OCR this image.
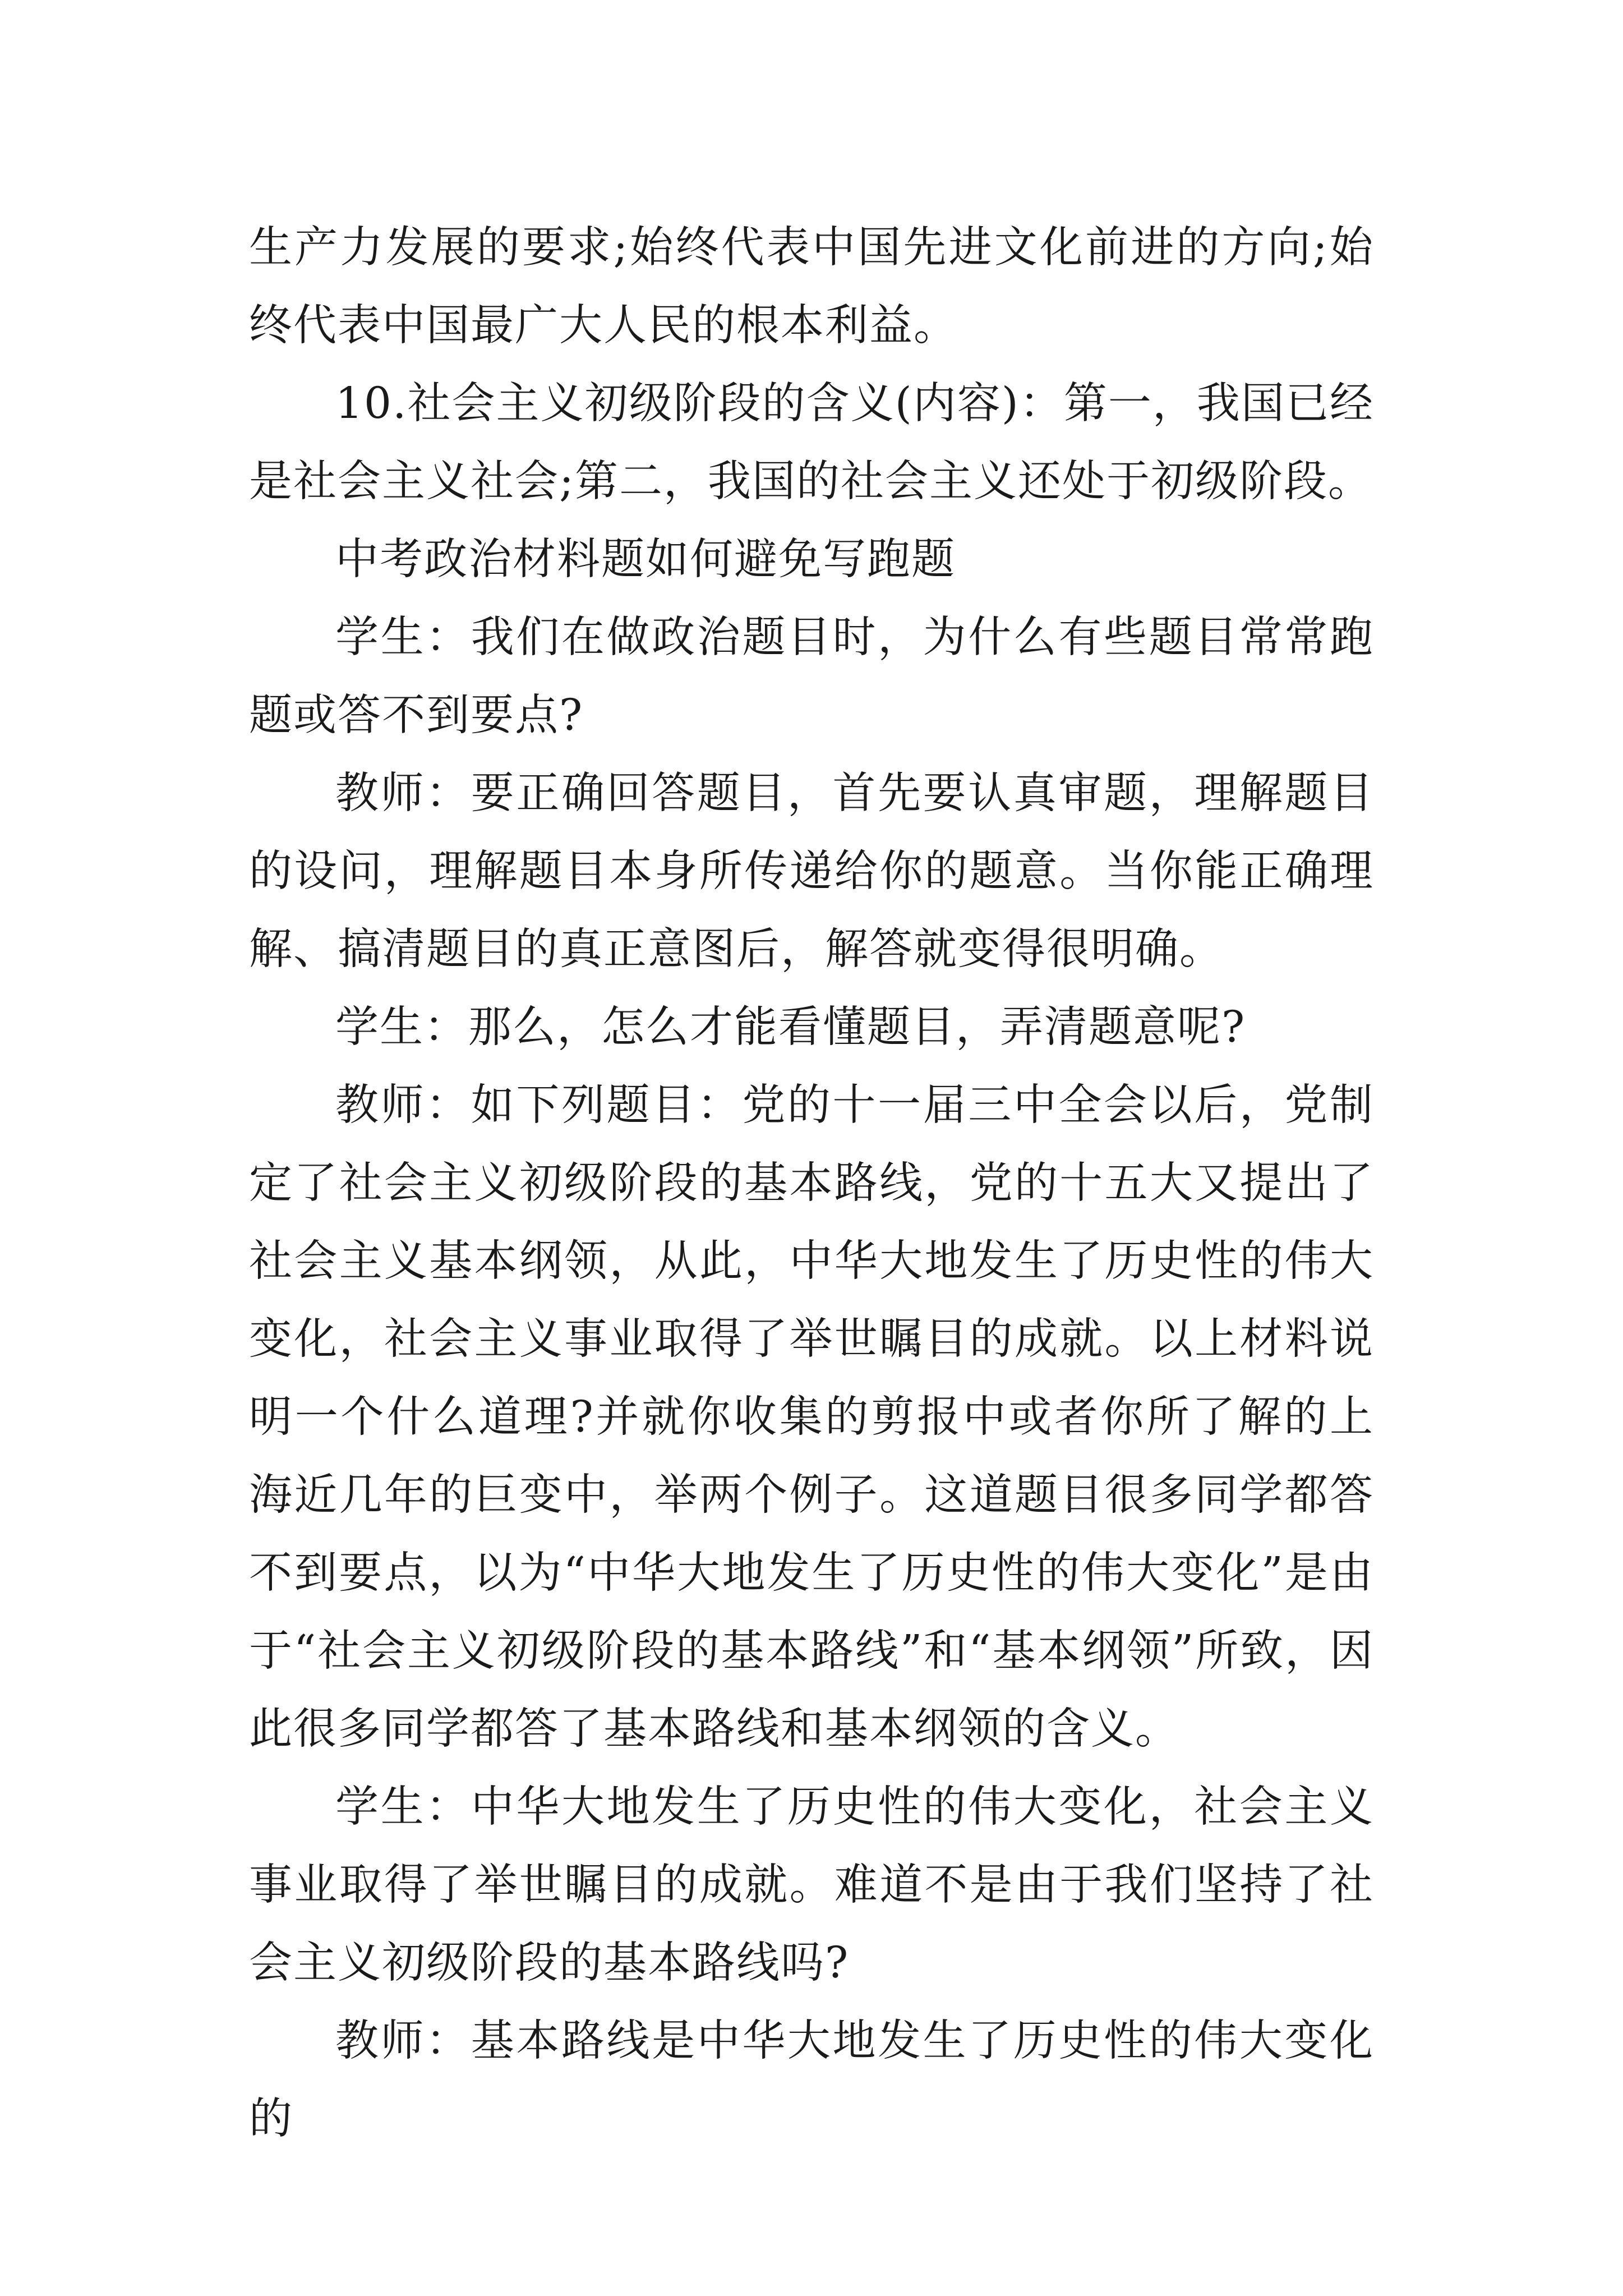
生产力发展的要求;始终代表中国先进文化前进的方向;始终代表中国最广大人民的根本利益。

10.社会主义初级阶段的含义(内容)：第一，我国已经是社会主义社会;第二，我国的社会主义还处于初级阶段。

中考政治材料题如何避免写跑题

学生：我们在做政治题目时，为什么有些题目常常跑题或答不到要点?

教师：要正确回答题目，首先要认真审题，理解题目的设问，理解题目本身所传递给你的题意。当你能正确理解、搞清题目的真正意图后，解答就变得很明确。

学生：那么，怎么才能看懂题目，弄清题意呢?

教师：如下列题目：党的十一届三中全会以后，党制定了社会主义初级阶段的基本路线，党的十五大又提出了社会主义基本纲领，从此，中华大地发生了历史性的伟大变化，社会主义事业取得了举世瞩目的成就。以上材料说明一个什么道理?并就你收集的剪报中或者你所了解的上海近几年的巨变中，举两个例子。这道题目很多同学都答不到要点，以为“中华大地发生了历史性的伟大变化”是由于“社会主义初级阶段的基本路线”和“基本纲领”所致，因此很多同学都答了基本路线和基本纲领的含义。

学生：中华大地发生了历史性的伟大变化，社会主义事业取得了举世瞩目的成就。难道不是由于我们坚持了社会主义初级阶段的基本路线吗?

教师：基本路线是中华大地发生了历史性的伟大变化的
